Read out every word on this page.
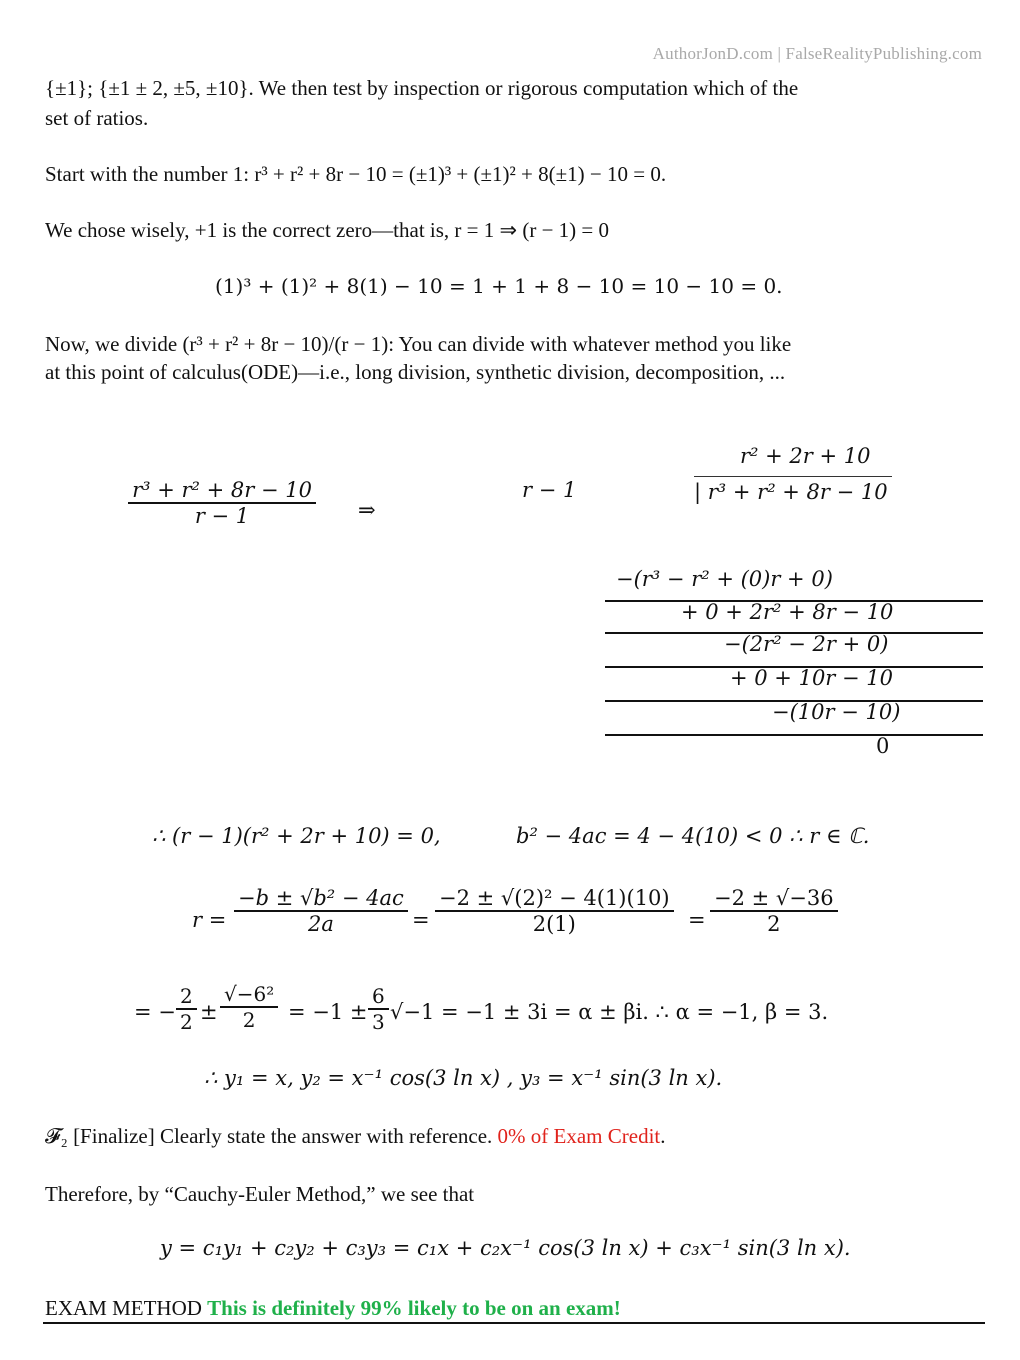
AuthorJonD.com | FalseRealityPublishing.com
{±1}; {±1 ± 2, ±5, ±10}. We then test by inspection or rigorous computation which of the
set of ratios.
Start with the number 1: r³ + r² + 8r − 10 = (±1)³ + (±1)² + 8(±1) − 10 = 0.
We chose wisely, +1 is the correct zero—that is, r = 1 ⇒ (r − 1) = 0
(1)³ + (1)² + 8(1) − 10 = 1 + 1 + 8 − 10 = 10 − 10 = 0.
Now, we divide (r³ + r² + 8r − 10)/(r − 1): You can divide with whatever method you like
at this point of calculus(ODE)—i.e., long division, synthetic division, decomposition, ...
$\frac{\text{r³ + r² + 8r − 10}}{r - 1}$ ⇒
r − 1
r² + 2r + 10
| r³ + r² + 8r − 10
−(r³ − r² + (0)r + 0)
+ 0 + 2r² + 8r − 10
−(2r² − 2r + 0)
+ 0 + 10r − 10
−(10r − 10)
0
∴ (r − 1)(r² + 2r + 10) = 0,	b² − 4ac = 4 − 4(10) < 0 ∴ r ∈ ℂ.
$r = \frac{\text{−b ± √b² − 4ac}}{2a} = \frac{\text{−2 ± √(2)² − 4(1)(10)}}{2(1)} = \frac{-2 \pm √-36}{2}$
= − $\frac{2}{2} \pm \frac{\text{√−6²}}{2} = -1 \pm \frac{6}{3} √-1 = -1 \pm 3i = \alpha \pm \beta i$. ∴ α = −1, β = 3.
∴ y₁ = x, y₂ = x⁻¹ cos(3 ln x) , y₃ = x⁻¹ sin(3 ln x).
𝓕₂ [Finalize] Clearly state the answer with reference. 0% of Exam Credit.
Therefore, by “Cauchy-Euler Method,” we see that
y = c₁y₁ + c₂y₂ + c₃y₃ = c₁x + c₂x⁻¹ cos(3 ln x) + c₃x⁻¹ sin(3 ln x).
EXAM METHOD This is definitely 99% likely to be on an exam!
